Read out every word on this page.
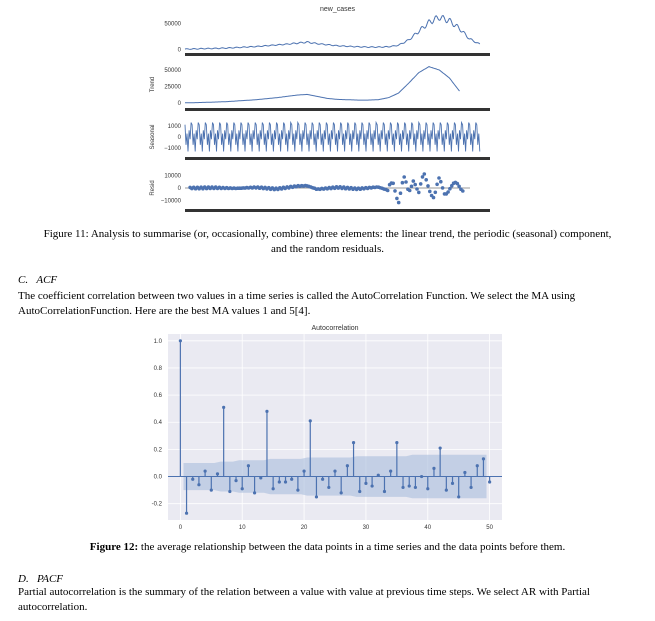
new_cases
50000
0
Trend
50000
25000
0
Seasonal 1000
0
−1000
Resid
10000
0
−10000
Figure 11: Analysis to summarise (or, occasionally, combine) three elements: the linear trend, the periodic (seasonal) component,
and the random residuals.
C. ACF
The coefficient correlation between two values in a time series is called the AutoCorrelation Function. We select the MA using AutoCorrelationFunction. Here are the best MA values 1 and 5[4].
-0.2
0.0
0.2
0.4
0.6
0.8
1.0
0	10	20	30	40	50
Autocorrelation
Figure 12: the average relationship between the data points in a time series and the data points before them.
D. PACF
Partial autocorrelation is the summary of the relation between a value with value at previous time steps. We select AR with Partial autocorrelation.
